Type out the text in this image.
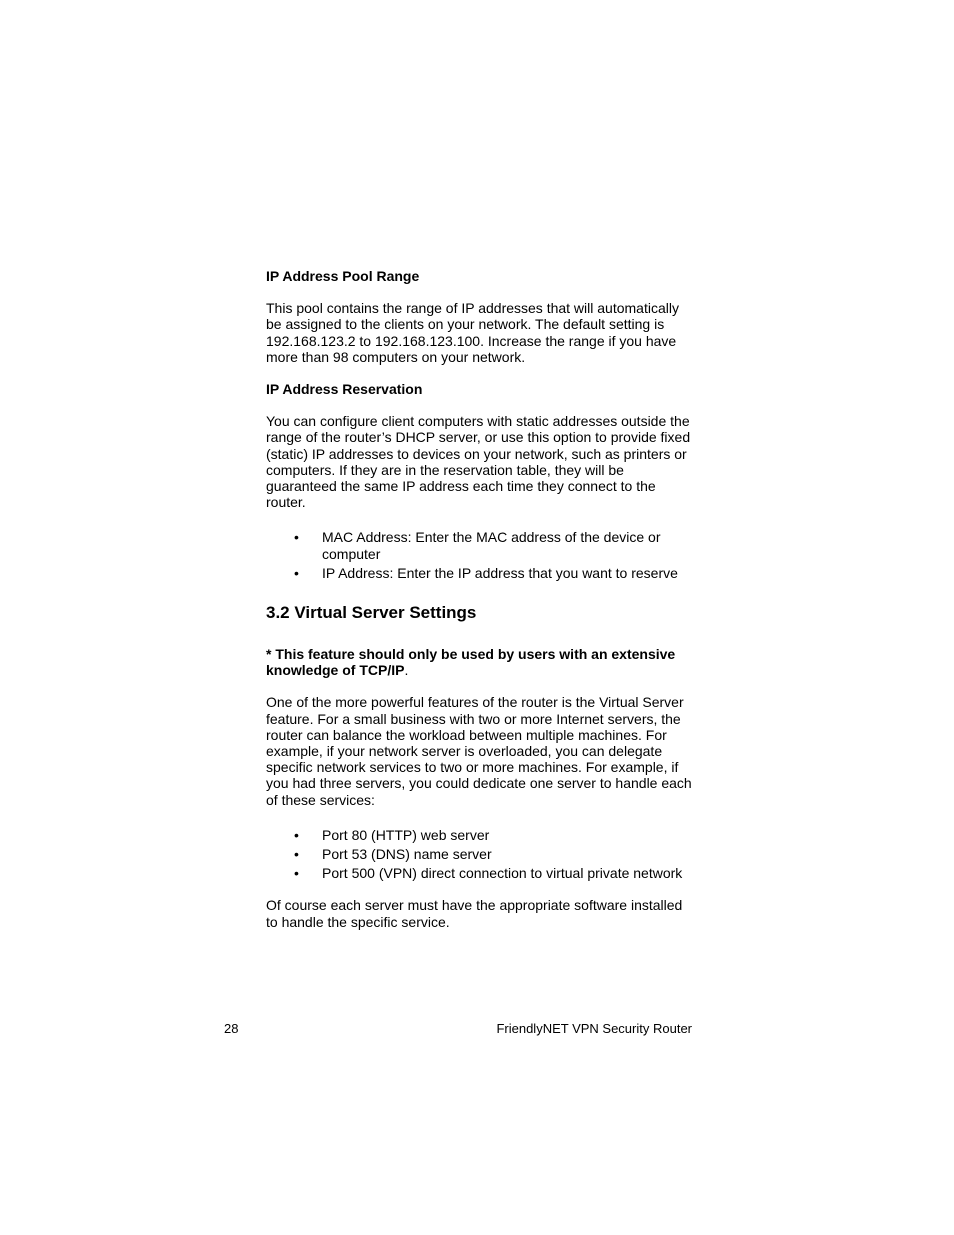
IP Address Pool Range

This pool contains the range of IP addresses that will automatically be assigned to the clients on your network. The default setting is 192.168.123.2 to 192.168.123.100. Increase the range if you have more than 98 computers on your network.

IP Address Reservation

You can configure client computers with static addresses outside the range of the router’s DHCP server, or use this option to provide fixed (static) IP addresses to devices on your network, such as printers or computers. If they are in the reservation table, they will be guaranteed the same IP address each time they connect to the router.

• MAC Address: Enter the MAC address of the device or computer
• IP Address: Enter the IP address that you want to reserve
3.2 Virtual Server Settings

* This feature should only be used by users with an extensive knowledge of TCP/IP.

One of the more powerful features of the router is the Virtual Server feature. For a small business with two or more Internet servers, the router can balance the workload between multiple machines. For example, if your network server is overloaded, you can delegate specific network services to two or more machines. For example, if you had three servers, you could dedicate one server to handle each of these services:

• Port 80 (HTTP) web server
• Port 53 (DNS) name server
• Port 500 (VPN) direct connection to virtual private network

Of course each server must have the appropriate software installed to handle the specific service.

28	FriendlyNET VPN Security Router
